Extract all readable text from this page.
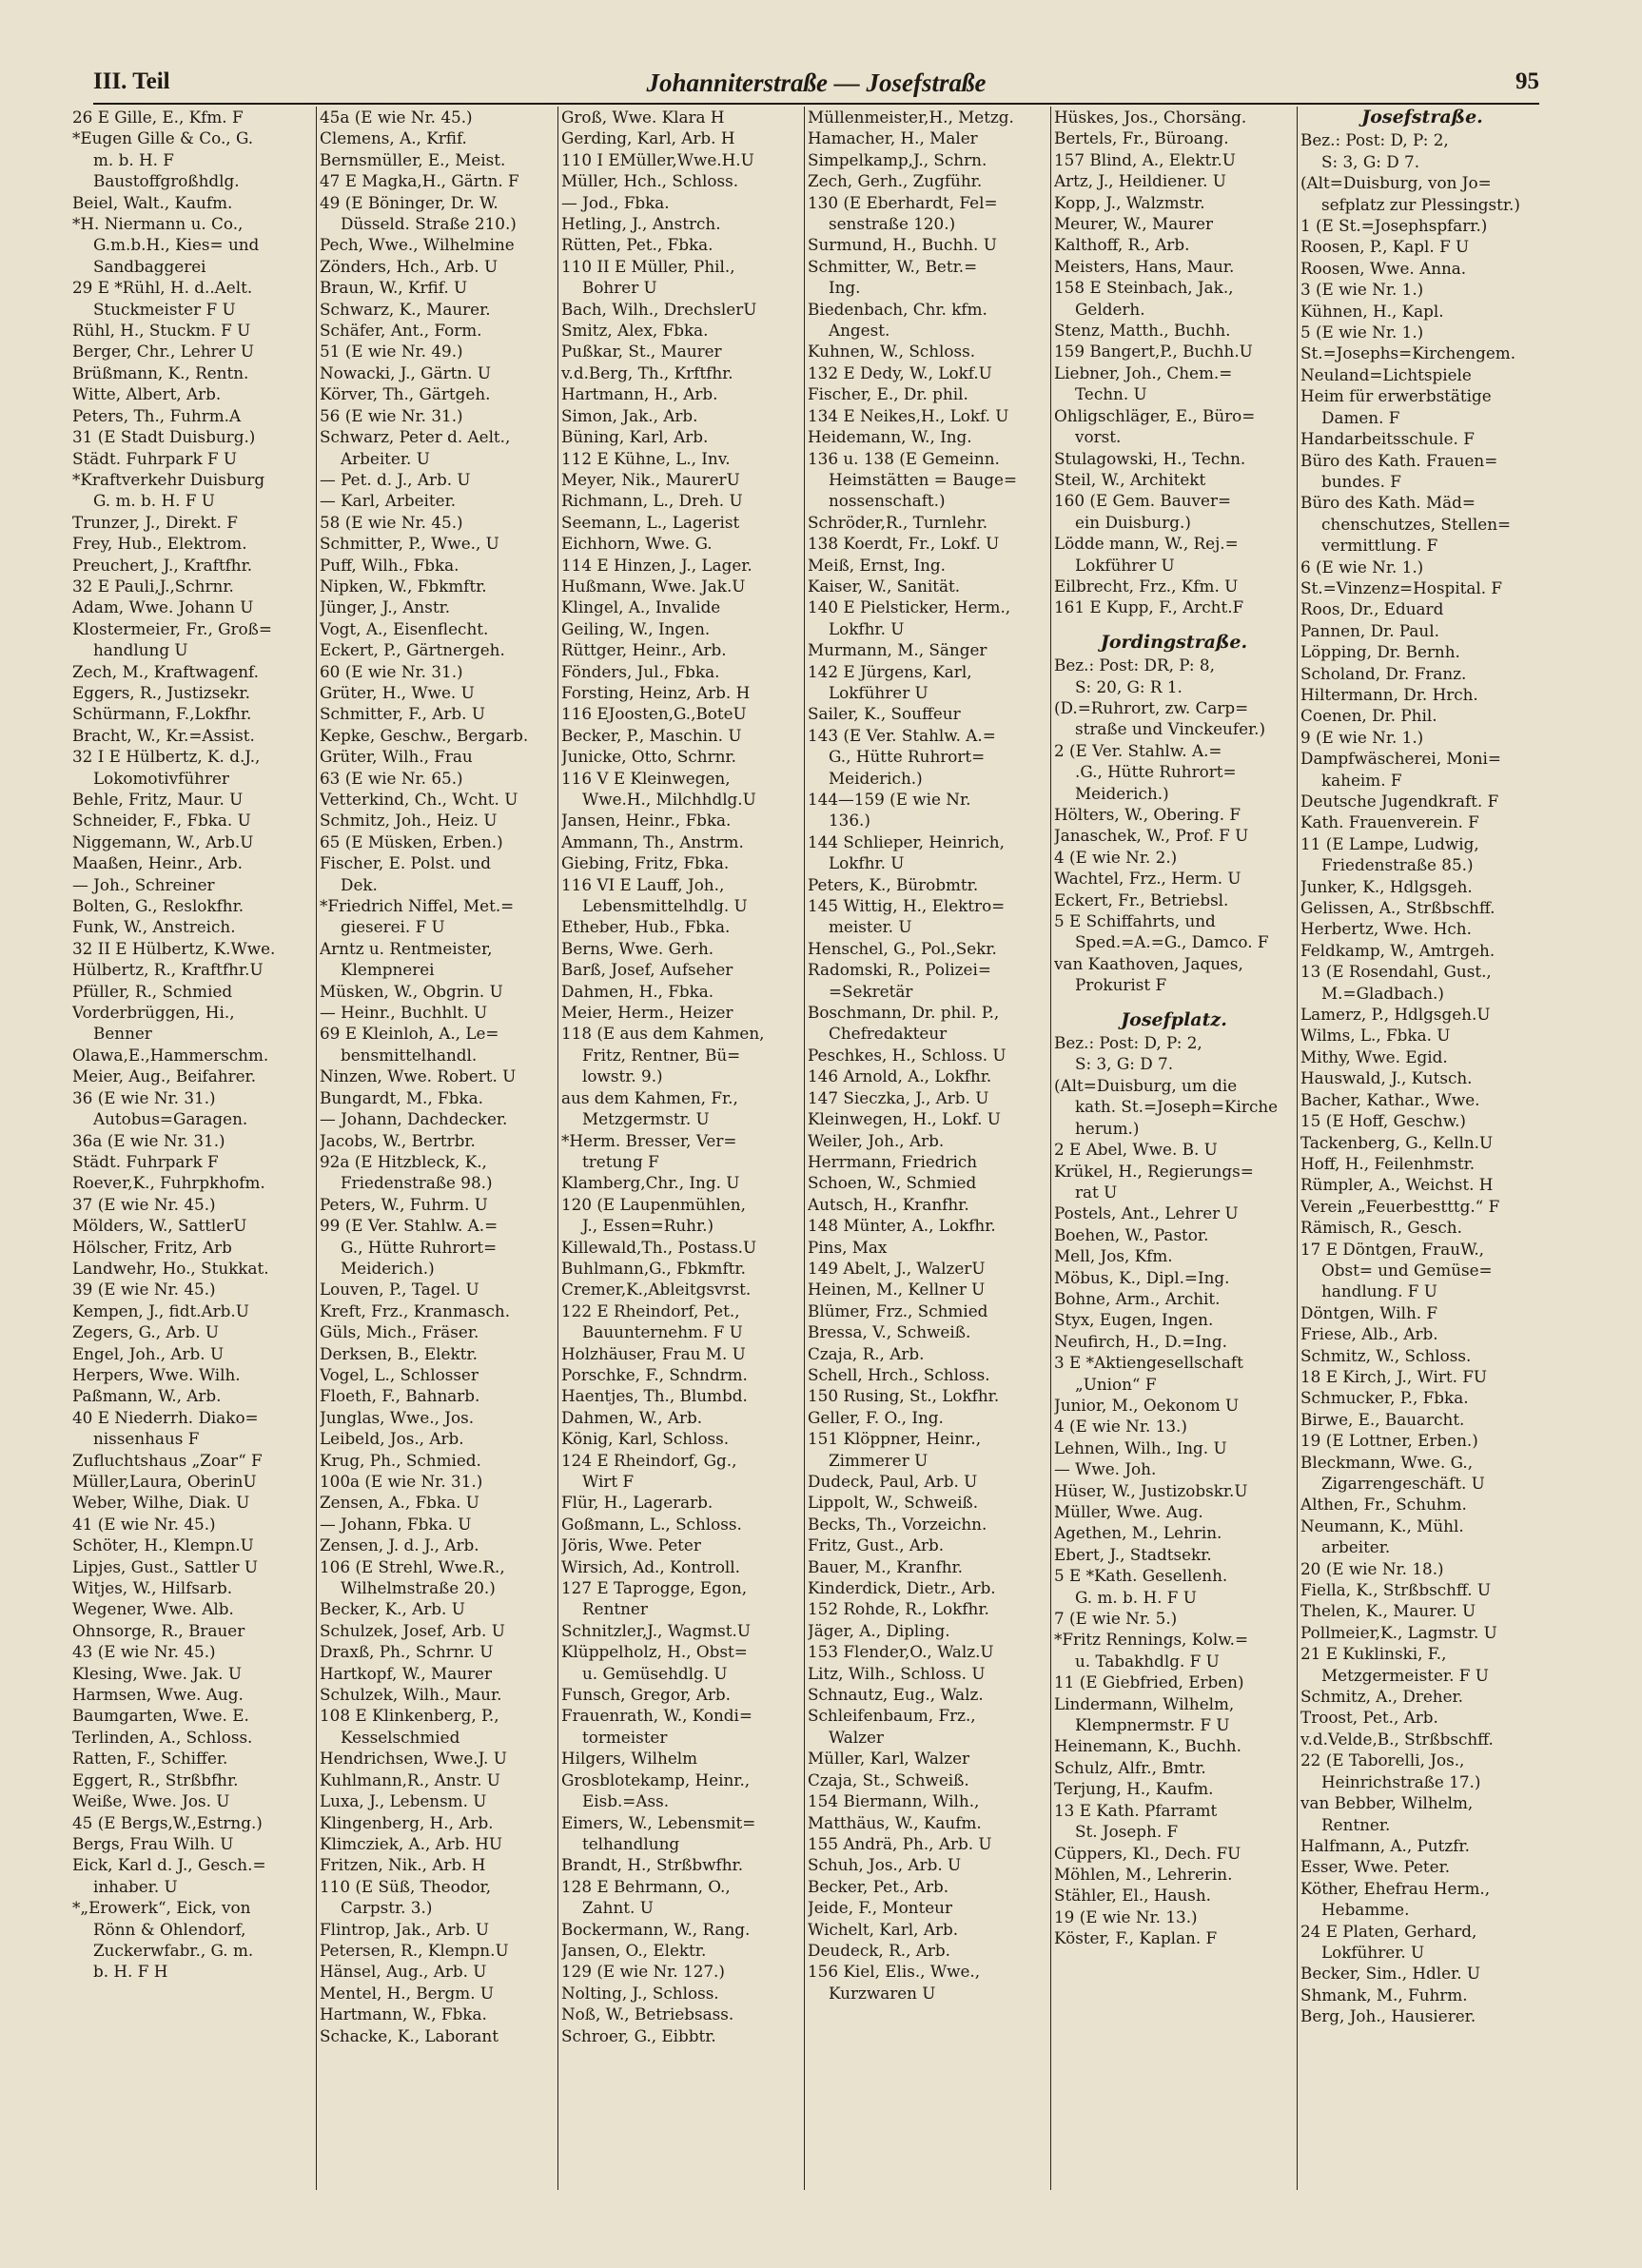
III. Teil	Johanniterstraße — Josefstraße	95
26 E Gille, E., Kfm. F
*Eugen Gille & Co., G.
m. b. H. F
Baustoffgroßhdlg.
Beiel, Walt., Kaufm.
*H. Niermann u. Co.,
G.m.b.H., Kies= und
Sandbaggerei
29 E *Rühl, H. d..Aelt.
Stuckmeister F U
Rühl, H., Stuckm. F U
Berger, Chr., Lehrer U
Brüßmann, K., Rentn.
Witte, Albert, Arb.
Peters, Th., Fuhrm.A
31 (E Stadt Duisburg.)
Städt. Fuhrpark F U
*Kraftverkehr Duisburg
G. m. b. H. F U
Trunzer, J., Direkt. F
Frey, Hub., Elektrom.
Preuchert, J., Kraftfhr.
32 E Pauli,J.,Schrnr.
Adam, Wwe. Johann U
Klostermeier, Fr., Groß=
handlung U
Zech, M., Kraftwagenf.
Eggers, R., Justizsekr.
Schürmann, F.,Lokfhr.
Bracht, W., Kr.=Assist.
32 I E Hülbertz, K. d.J.,
Lokomotivführer
Behle, Fritz, Maur. U
Schneider, F., Fbka. U
Niggemann, W., Arb.U
Maaßen, Heinr., Arb.
— Joh., Schreiner
Bolten, G., Reslokfhr.
Funk, W., Anstreich.
32 II E Hülbertz, K.Wwe.
Hülbertz, R., Kraftfhr.U
Pfüller, R., Schmied
Vorderbrüggen, Hi.,
Benner
Olawa,E.,Hammerschm.
Meier, Aug., Beifahrer.
36 (E wie Nr. 31.)
Autobus=Garagen.
36a (E wie Nr. 31.)
Städt. Fuhrpark F
Roever,K., Fuhrpkhofm.
37 (E wie Nr. 45.)
Mölders, W., SattlerU
Hölscher, Fritz, Arb
Landwehr, Ho., Stukkat.
39 (E wie Nr. 45.)
Kempen, J., fidt.Arb.U
Zegers, G., Arb. U
Engel, Joh., Arb. U
Herpers, Wwe. Wilh.
Paßmann, W., Arb.
40 E Niederrh. Diako=
nissenhaus F
Zufluchtshaus „Zoar“ F
Müller,Laura, OberinU
Weber, Wilhe, Diak. U
41 (E wie Nr. 45.)
Schöter, H., Klempn.U
Lipjes, Gust., Sattler U
Witjes, W., Hilfsarb.
Wegener, Wwe. Alb.
Ohnsorge, R., Brauer
43 (E wie Nr. 45.)
Klesing, Wwe. Jak. U
Harmsen, Wwe. Aug.
Baumgarten, Wwe. E.
Terlinden, A., Schloss.
Ratten, F., Schiffer.
Eggert, R., Strßbfhr.
Weiße, Wwe. Jos. U
45 (E Bergs,W.,Estrng.)
Bergs, Frau Wilh. U
Eick, Karl d. J., Gesch.=
inhaber. U
*„Erowerk“, Eick, von
Rönn & Ohlendorf,
Zuckerwfabr., G. m.
b. H. F H
45a (E wie Nr. 45.)
Clemens, A., Krfif.
Bernsmüller, E., Meist.
47 E Magka,H., Gärtn. F
49 (E Böninger, Dr. W.
Düsseld. Straße 210.)
Pech, Wwe., Wilhelmine
Zönders, Hch., Arb. U
Braun, W., Krfif. U
Schwarz, K., Maurer.
Schäfer, Ant., Form.
51 (E wie Nr. 49.)
Nowacki, J., Gärtn. U
Körver, Th., Gärtgeh.
56 (E wie Nr. 31.)
Schwarz, Peter d. Aelt.,
Arbeiter. U
— Pet. d. J., Arb. U
— Karl, Arbeiter.
58 (E wie Nr. 45.)
Schmitter, P., Wwe., U
Puff, Wilh., Fbka.
Nipken, W., Fbkmftr.
Jünger, J., Anstr.
Vogt, A., Eisenflecht.
Eckert, P., Gärtnergeh.
60 (E wie Nr. 31.)
Grüter, H., Wwe. U
Schmitter, F., Arb. U
Kepke, Geschw., Bergarb.
Grüter, Wilh., Frau
63 (E wie Nr. 65.)
Vetterkind, Ch., Wcht. U
Schmitz, Joh., Heiz. U
65 (E Müsken, Erben.)
Fischer, E. Polst. und
Dek.
*Friedrich Niffel, Met.=
gieserei. F U
Arntz u. Rentmeister,
Klempnerei
Müsken, W., Obgrin. U
— Heinr., Buchhlt. U
69 E Kleinloh, A., Le=
bensmittelhandl.
Ninzen, Wwe. Robert. U
Bungardt, M., Fbka.
— Johann, Dachdecker.
Jacobs, W., Bertrbr.
92a (E Hitzbleck, K.,
Friedenstraße 98.)
Peters, W., Fuhrm. U
99 (E Ver. Stahlw. A.=
G., Hütte Ruhrort=
Meiderich.)
Louven, P., Tagel. U
Kreft, Frz., Kranmasch.
Güls, Mich., Fräser.
Derksen, B., Elektr.
Vogel, L., Schlosser
Floeth, F., Bahnarb.
Junglas, Wwe., Jos.
Leibeld, Jos., Arb.
Krug, Ph., Schmied.
100a (E wie Nr. 31.)
Zensen, A., Fbka. U
— Johann, Fbka. U
Zensen, J. d. J., Arb.
106 (E Strehl, Wwe.R.,
Wilhelmstraße 20.)
Becker, K., Arb. U
Schulzek, Josef, Arb. U
Draxß, Ph., Schrnr. U
Hartkopf, W., Maurer
Schulzek, Wilh., Maur.
108 E Klinkenberg, P.,
Kesselschmied
Hendrichsen, Wwe.J. U
Kuhlmann,R., Anstr. U
Luxa, J., Lebensm. U
Klingenberg, H., Arb.
Klimcziek, A., Arb. HU
Fritzen, Nik., Arb. H
110 (E Süß, Theodor,
Carpstr. 3.)
Flintrop, Jak., Arb. U
Petersen, R., Klempn.U
Hänsel, Aug., Arb. U
Mentel, H., Bergm. U
Hartmann, W., Fbka.
Schacke, K., Laborant
Groß, Wwe. Klara H
Gerding, Karl, Arb. H
110 I EMüller,Wwe.H.U
Müller, Hch., Schloss.
— Jod., Fbka.
Hetling, J., Anstrch.
Rütten, Pet., Fbka.
110 II E Müller, Phil.,
Bohrer U
Bach, Wilh., DrechslerU
Smitz, Alex, Fbka.
Pußkar, St., Maurer
v.d.Berg, Th., Krftfhr.
Hartmann, H., Arb.
Simon, Jak., Arb.
Büning, Karl, Arb.
112 E Kühne, L., Inv.
Meyer, Nik., MaurerU
Richmann, L., Dreh. U
Seemann, L., Lagerist
Eichhorn, Wwe. G.
114 E Hinzen, J., Lager.
Hußmann, Wwe. Jak.U
Klingel, A., Invalide
Geiling, W., Ingen.
Rüttger, Heinr., Arb.
Fönders, Jul., Fbka.
Forsting, Heinz, Arb. H
116 EJoosten,G.,BoteU
Becker, P., Maschin. U
Junicke, Otto, Schrnr.
116 V E Kleinwegen,
Wwe.H., Milchhdlg.U
Jansen, Heinr., Fbka.
Ammann, Th., Anstrm.
Giebing, Fritz, Fbka.
116 VI E Lauff, Joh.,
Lebensmittelhdlg. U
Etheber, Hub., Fbka.
Berns, Wwe. Gerh.
Barß, Josef, Aufseher
Dahmen, H., Fbka.
Meier, Herm., Heizer
118 (E aus dem Kahmen,
Fritz, Rentner, Bü=
lowstr. 9.)
aus dem Kahmen, Fr.,
Metzgermstr. U
*Herm. Bresser, Ver=
tretung F
Klamberg,Chr., Ing. U
120 (E Laupenmühlen,
J., Essen=Ruhr.)
Killewald,Th., Postass.U
Buhlmann,G., Fbkmftr.
Cremer,K.,Ableitgsvrst.
122 E Rheindorf, Pet.,
Bauunternehm. F U
Holzhäuser, Frau M. U
Porschke, F., Schndrm.
Haentjes, Th., Blumbd.
Dahmen, W., Arb.
König, Karl, Schloss.
124 E Rheindorf, Gg.,
Wirt F
Flür, H., Lagerarb.
Goßmann, L., Schloss.
Jöris, Wwe. Peter
Wirsich, Ad., Kontroll.
127 E Taprogge, Egon,
Rentner
Schnitzler,J., Wagmst.U
Klüppelholz, H., Obst=
u. Gemüsehdlg. U
Funsch, Gregor, Arb.
Frauenrath, W., Kondi=
tormeister
Hilgers, Wilhelm
Grosblotekamp, Heinr.,
Eisb.=Ass.
Eimers, W., Lebensmit=
telhandlung
Brandt, H., Strßbwfhr.
128 E Behrmann, O.,
Zahnt. U
Bockermann, W., Rang.
Jansen, O., Elektr.
129 (E wie Nr. 127.)
Nolting, J., Schloss.
Noß, W., Betriebsass.
Schroer, G., Eibbtr.
Müllenmeister,H., Metzg.
Hamacher, H., Maler
Simpelkamp,J., Schrn.
Zech, Gerh., Zugführ.
130 (E Eberhardt, Fel=
senstraße 120.)
Surmund, H., Buchh. U
Schmitter, W., Betr.=
Ing.
Biedenbach, Chr. kfm.
Angest.
Kuhnen, W., Schloss.
132 E Dedy, W., Lokf.U
Fischer, E., Dr. phil.
134 E Neikes,H., Lokf. U
Heidemann, W., Ing.
136 u. 138 (E Gemeinn.
Heimstätten = Bauge=
nossenschaft.)
Schröder,R., Turnlehr.
138 Koerdt, Fr., Lokf. U
Meiß, Ernst, Ing.
Kaiser, W., Sanität.
140 E Pielsticker, Herm.,
Lokfhr. U
Murmann, M., Sänger
142 E Jürgens, Karl,
Lokführer U
Sailer, K., Souffeur
143 (E Ver. Stahlw. A.=
G., Hütte Ruhrort=
Meiderich.)
144—159 (E wie Nr.
136.)
144 Schlieper, Heinrich,
Lokfhr. U
Peters, K., Bürobmtr.
145 Wittig, H., Elektro=
meister. U
Henschel, G., Pol.,Sekr.
Radomski, R., Polizei=
=Sekretär
Boschmann, Dr. phil. P.,
Chefredakteur
Peschkes, H., Schloss. U
146 Arnold, A., Lokfhr.
147 Sieczka, J., Arb. U
Kleinwegen, H., Lokf. U
Weiler, Joh., Arb.
Herrmann, Friedrich
Schoen, W., Schmied
Autsch, H., Kranfhr.
148 Münter, A., Lokfhr.
Pins, Max
149 Abelt, J., WalzerU
Heinen, M., Kellner U
Blümer, Frz., Schmied
Bressa, V., Schweiß.
Czaja, R., Arb.
Schell, Hrch., Schloss.
150 Rusing, St., Lokfhr.
Geller, F. O., Ing.
151 Klöppner, Heinr.,
Zimmerer U
Dudeck, Paul, Arb. U
Lippolt, W., Schweiß.
Becks, Th., Vorzeichn.
Fritz, Gust., Arb.
Bauer, M., Kranfhr.
Kinderdick, Dietr., Arb.
152 Rohde, R., Lokfhr.
Jäger, A., Dipling.
153 Flender,O., Walz.U
Litz, Wilh., Schloss. U
Schnautz, Eug., Walz.
Schleifenbaum, Frz.,
Walzer
Müller, Karl, Walzer
Czaja, St., Schweiß.
154 Biermann, Wilh.,
Matthäus, W., Kaufm.
155 Andrä, Ph., Arb. U
Schuh, Jos., Arb. U
Becker, Pet., Arb.
Jeide, F., Monteur
Wichelt, Karl, Arb.
Deudeck, R., Arb.
156 Kiel, Elis., Wwe.,
Kurzwaren U
Hüskes, Jos., Chorsäng.
Bertels, Fr., Büroang.
157 Blind, A., Elektr.U
Artz, J., Heildiener. U
Kopp, J., Walzmstr.
Meurer, W., Maurer
Kalthoff, R., Arb.
Meisters, Hans, Maur.
158 E Steinbach, Jak.,
Gelderh.
Stenz, Matth., Buchh.
159 Bangert,P., Buchh.U
Liebner, Joh., Chem.=
Techn. U
Ohligschläger, E., Büro=
vorst.
Stulagowski, H., Techn.
Steil, W., Architekt
160 (E Gem. Bauver=
ein Duisburg.)
Lödde mann, W., Rej.=
Lokführer U
Eilbrecht, Frz., Kfm. U
161 E Kupp, F., Archt.F
Jordingstraße.
Bez.: Post: DR, P: 8,
S: 20, G: R 1.
(D.=Ruhrort, zw. Carp=
straße und Vinckeufer.)
2 (E Ver. Stahlw. A.=
.G., Hütte Ruhrort=
Meiderich.)
Hölters, W., Obering. F
Janaschek, W., Prof. F U
4 (E wie Nr. 2.)
Wachtel, Frz., Herm. U
Eckert, Fr., Betriebsl.
5 E Schiffahrts, und
Sped.=A.=G., Damco. F
van Kaathoven, Jaques,
Prokurist F
Josefplatz.
Bez.: Post: D, P: 2,
S: 3, G: D 7.
(Alt=Duisburg, um die
kath. St.=Joseph=Kirche
herum.)
2 E Abel, Wwe. B. U
Krükel, H., Regierungs=
rat U
Postels, Ant., Lehrer U
Boehen, W., Pastor.
Mell, Jos, Kfm.
Möbus, K., Dipl.=Ing.
Bohne, Arm., Archit.
Styx, Eugen, Ingen.
Neufirch, H., D.=Ing.
3 E *Aktiengesellschaft
„Union“ F
Junior, M., Oekonom U
4 (E wie Nr. 13.)
Lehnen, Wilh., Ing. U
— Wwe. Joh.
Hüser, W., Justizobskr.U
Müller, Wwe. Aug.
Agethen, M., Lehrin.
Ebert, J., Stadtsekr.
5 E *Kath. Gesellenh.
G. m. b. H. F U
7 (E wie Nr. 5.)
*Fritz Rennings, Kolw.=
u. Tabakhdlg. F U
11 (E Giebfried, Erben)
Lindermann, Wilhelm,
Klempnermstr. F U
Heinemann, K., Buchh.
Schulz, Alfr., Bmtr.
Terjung, H., Kaufm.
13 E Kath. Pfarramt
St. Joseph. F
Cüppers, Kl., Dech. FU
Möhlen, M., Lehrerin.
Stähler, El., Haush.
19 (E wie Nr. 13.)
Köster, F., Kaplan. F
Josefstraße.
Bez.: Post: D, P: 2,
S: 3, G: D 7.
(Alt=Duisburg, von Jo=
sefplatz zur Plessingstr.)
1 (E St.=Josephspfarr.)
Roosen, P., Kapl. F U
Roosen, Wwe. Anna.
3 (E wie Nr. 1.)
Kühnen, H., Kapl.
5 (E wie Nr. 1.)
St.=Josephs=Kirchengem.
Neuland=Lichtspiele
Heim für erwerbstätige
Damen. F
Handarbeitsschule. F
Büro des Kath. Frauen=
bundes. F
Büro des Kath. Mäd=
chenschutzes, Stellen=
vermittlung. F
6 (E wie Nr. 1.)
St.=Vinzenz=Hospital. F
Roos, Dr., Eduard
Pannen, Dr. Paul.
Löpping, Dr. Bernh.
Scholand, Dr. Franz.
Hiltermann, Dr. Hrch.
Coenen, Dr. Phil.
9 (E wie Nr. 1.)
Dampfwäscherei, Moni=
kaheim. F
Deutsche Jugendkraft. F
Kath. Frauenverein. F
11 (E Lampe, Ludwig,
Friedenstraße 85.)
Junker, K., Hdlgsgeh.
Gelissen, A., Strßbschff.
Herbertz, Wwe. Hch.
Feldkamp, W., Amtrgeh.
13 (E Rosendahl, Gust.,
M.=Gladbach.)
Lamerz, P., Hdlgsgeh.U
Wilms, L., Fbka. U
Mithy, Wwe. Egid.
Hauswald, J., Kutsch.
Bacher, Kathar., Wwe.
15 (E Hoff, Geschw.)
Tackenberg, G., Kelln.U
Hoff, H., Feilenhmstr.
Rümpler, A., Weichst. H
Verein „Feuerbestttg.“ F
Rämisch, R., Gesch.
17 E Döntgen, FrauW.,
Obst= und Gemüse=
handlung. F U
Döntgen, Wilh. F
Friese, Alb., Arb.
Schmitz, W., Schloss.
18 E Kirch, J., Wirt. FU
Schmucker, P., Fbka.
Birwe, E., Bauarcht.
19 (E Lottner, Erben.)
Bleckmann, Wwe. G.,
Zigarrengeschäft. U
Althen, Fr., Schuhm.
Neumann, K., Mühl.
arbeiter.
20 (E wie Nr. 18.)
Fiella, K., Strßbschff. U
Thelen, K., Maurer. U
Pollmeier,K., Lagmstr. U
21 E Kuklinski, F.,
Metzgermeister. F U
Schmitz, A., Dreher.
Troost, Pet., Arb.
v.d.Velde,B., Strßbschff.
22 (E Taborelli, Jos.,
Heinrichstraße 17.)
van Bebber, Wilhelm,
Rentner.
Halfmann, A., Putzfr.
Esser, Wwe. Peter.
Köther, Ehefrau Herm.,
Hebamme.
24 E Platen, Gerhard,
Lokführer. U
Becker, Sim., Hdler. U
Shmank, M., Fuhrm.
Berg, Joh., Hausierer.
